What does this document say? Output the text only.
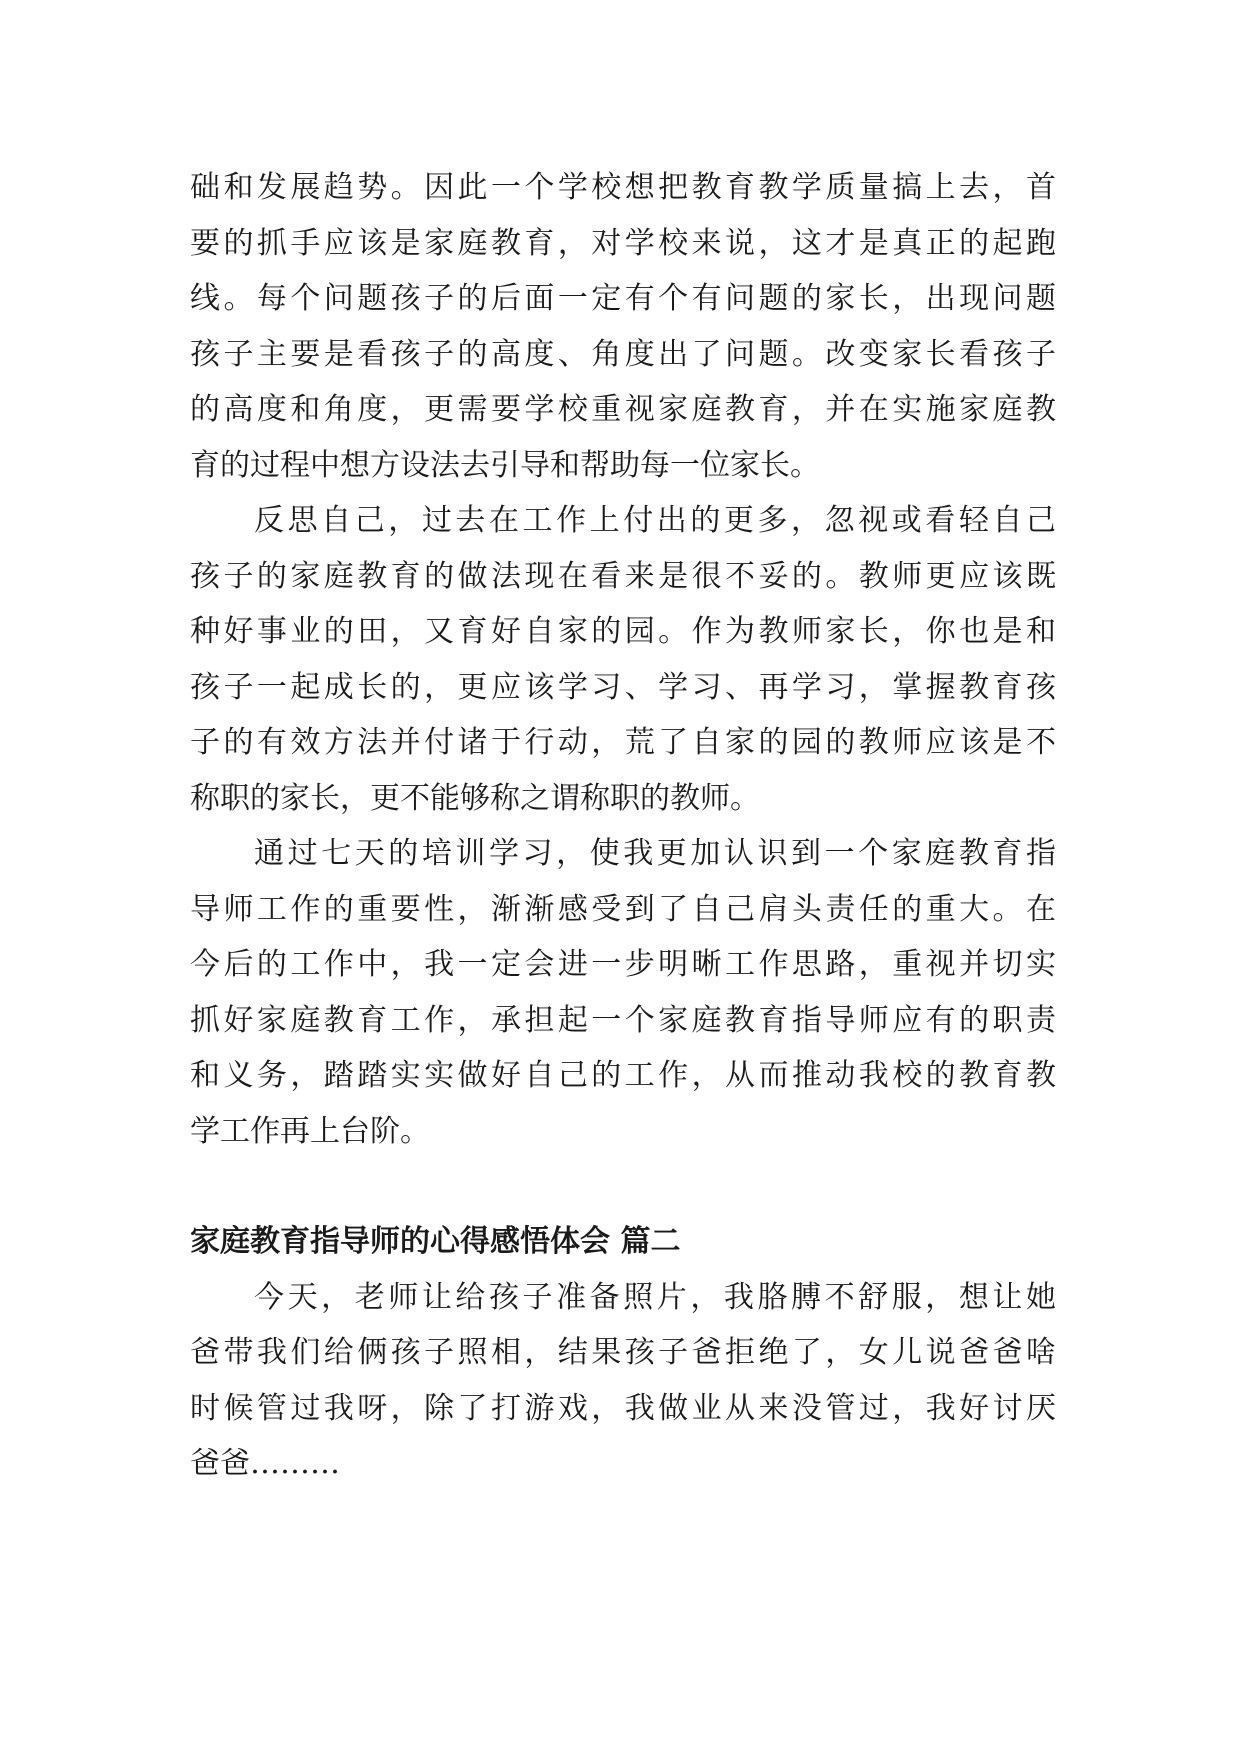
础和发展趋势。因此一个学校想把教育教学质量搞上去，首
要的抓手应该是家庭教育，对学校来说，这才是真正的起跑
线。每个问题孩子的后面一定有个有问题的家长，出现问题
孩子主要是看孩子的高度、角度出了问题。改变家长看孩子
的高度和角度，更需要学校重视家庭教育，并在实施家庭教
育的过程中想方设法去引导和帮助每一位家长。
反思自己，过去在工作上付出的更多，忽视或看轻自己
孩子的家庭教育的做法现在看来是很不妥的。教师更应该既
种好事业的田，又育好自家的园。作为教师家长，你也是和
孩子一起成长的，更应该学习、学习、再学习，掌握教育孩
子的有效方法并付诸于行动，荒了自家的园的教师应该是不
称职的家长，更不能够称之谓称职的教师。
通过七天的培训学习，使我更加认识到一个家庭教育指
导师工作的重要性，渐渐感受到了自己肩头责任的重大。在
今后的工作中，我一定会进一步明晰工作思路，重视并切实
抓好家庭教育工作，承担起一个家庭教育指导师应有的职责
和义务，踏踏实实做好自己的工作，从而推动我校的教育教
学工作再上台阶。
家庭教育指导师的心得感悟体会 篇二
今天，老师让给孩子准备照片，我胳膊不舒服，想让她
爸带我们给俩孩子照相，结果孩子爸拒绝了，女儿说爸爸啥
时候管过我呀，除了打游戏，我做业从来没管过，我好讨厌
爸爸………
